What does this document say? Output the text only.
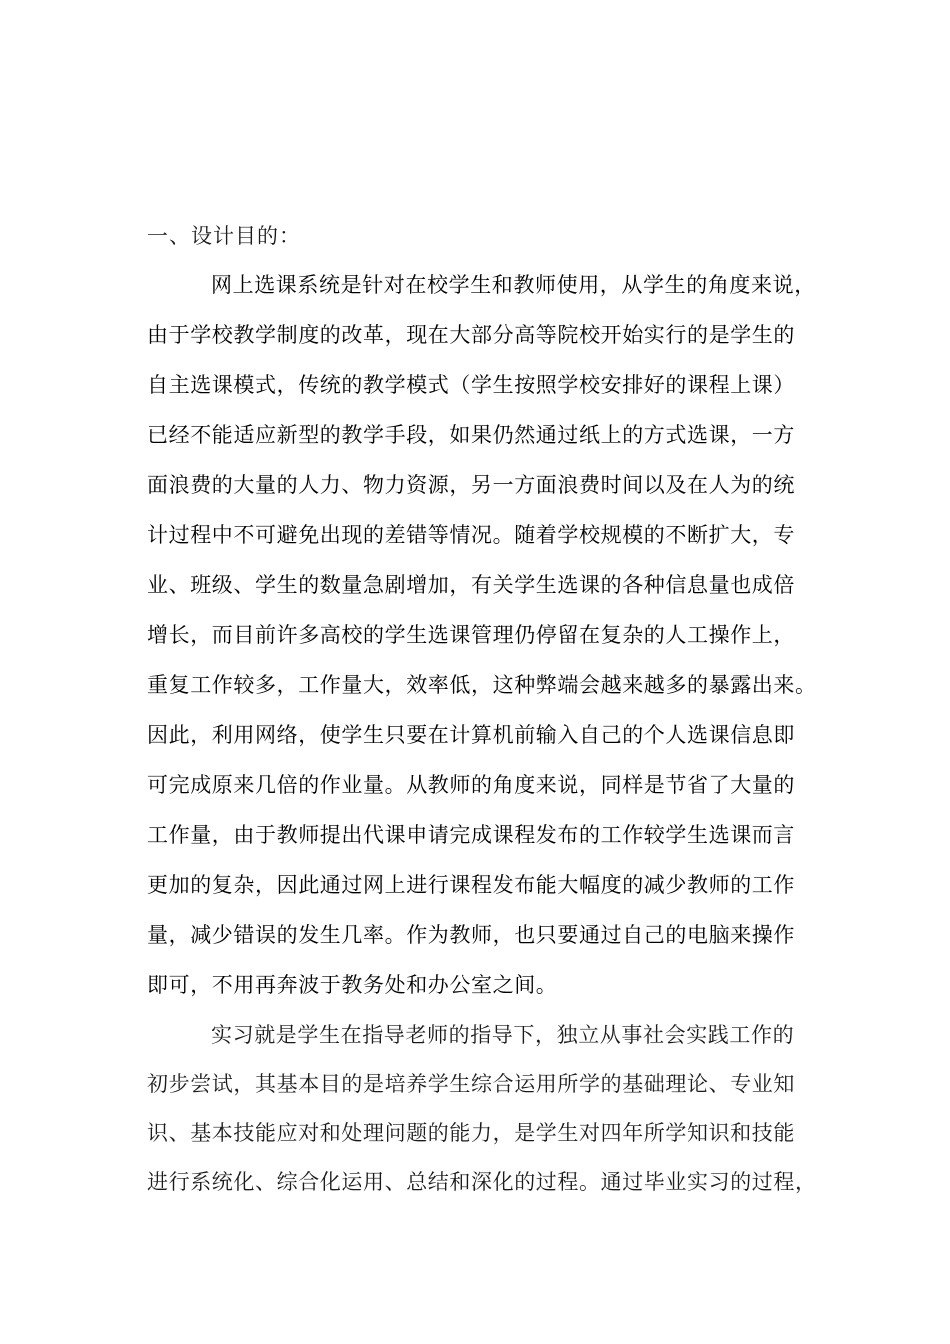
一、设计目的：
网上选课系统是针对在校学生和教师使用，从学生的角度来说，
由于学校教学制度的改革，现在大部分高等院校开始实行的是学生的
自主选课模式，传统的教学模式（学生按照学校安排好的课程上课）
已经不能适应新型的教学手段，如果仍然通过纸上的方式选课，一方
面浪费的大量的人力、物力资源，另一方面浪费时间以及在人为的统
计过程中不可避免出现的差错等情况。随着学校规模的不断扩大，专
业、班级、学生的数量急剧增加，有关学生选课的各种信息量也成倍
增长，而目前许多高校的学生选课管理仍停留在复杂的人工操作上，
重复工作较多，工作量大，效率低，这种弊端会越来越多的暴露出来。
因此，利用网络，使学生只要在计算机前输入自己的个人选课信息即
可完成原来几倍的作业量。从教师的角度来说，同样是节省了大量的
工作量，由于教师提出代课申请完成课程发布的工作较学生选课而言
更加的复杂，因此通过网上进行课程发布能大幅度的减少教师的工作
量，减少错误的发生几率。作为教师，也只要通过自己的电脑来操作
即可，不用再奔波于教务处和办公室之间。
实习就是学生在指导老师的指导下，独立从事社会实践工作的
初步尝试，其基本目的是培养学生综合运用所学的基础理论、专业知
识、基本技能应对和处理问题的能力，是学生对四年所学知识和技能
进行系统化、综合化运用、总结和深化的过程。通过毕业实习的过程，
